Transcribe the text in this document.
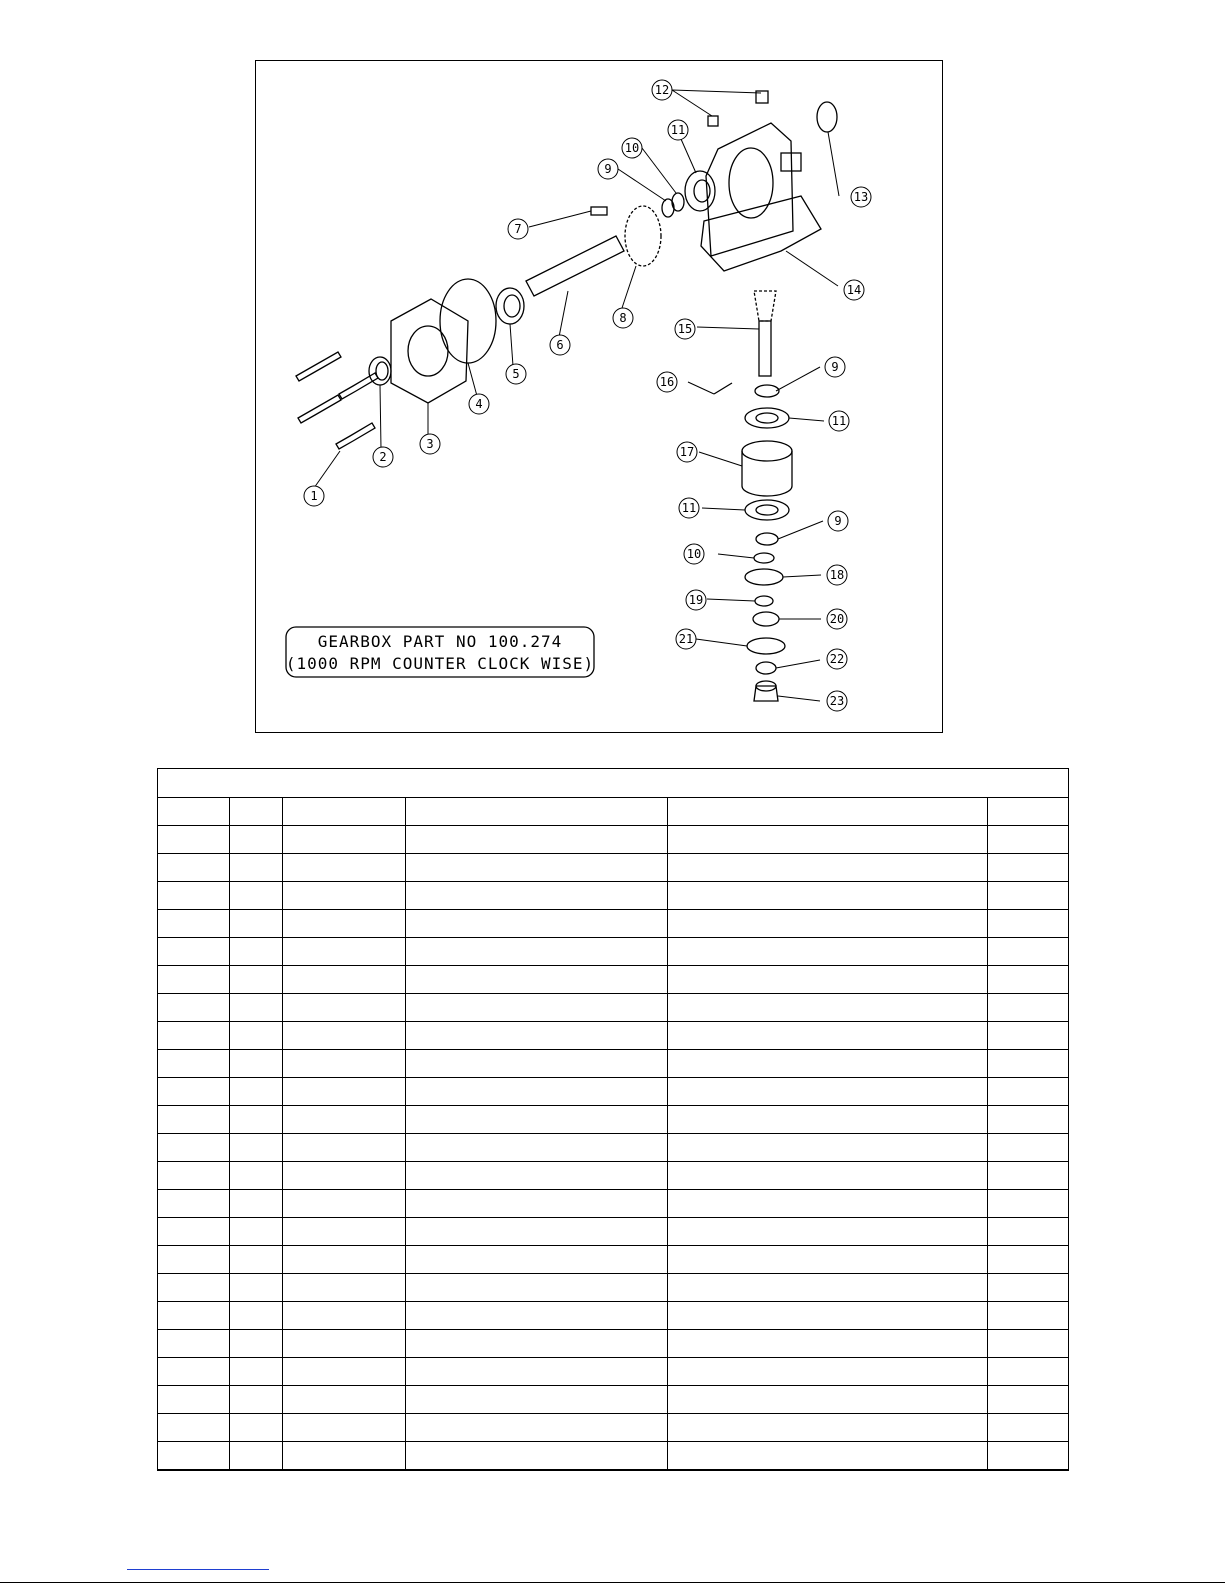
1
2
3
4
5
6
7
8
9
10
11
12
13
14
15
16
9
11
17
11
9
10
18
19
20
21
22
23
GEARBOX PART NO 100.274
(1000 RPM COUNTER CLOCK WISE)
